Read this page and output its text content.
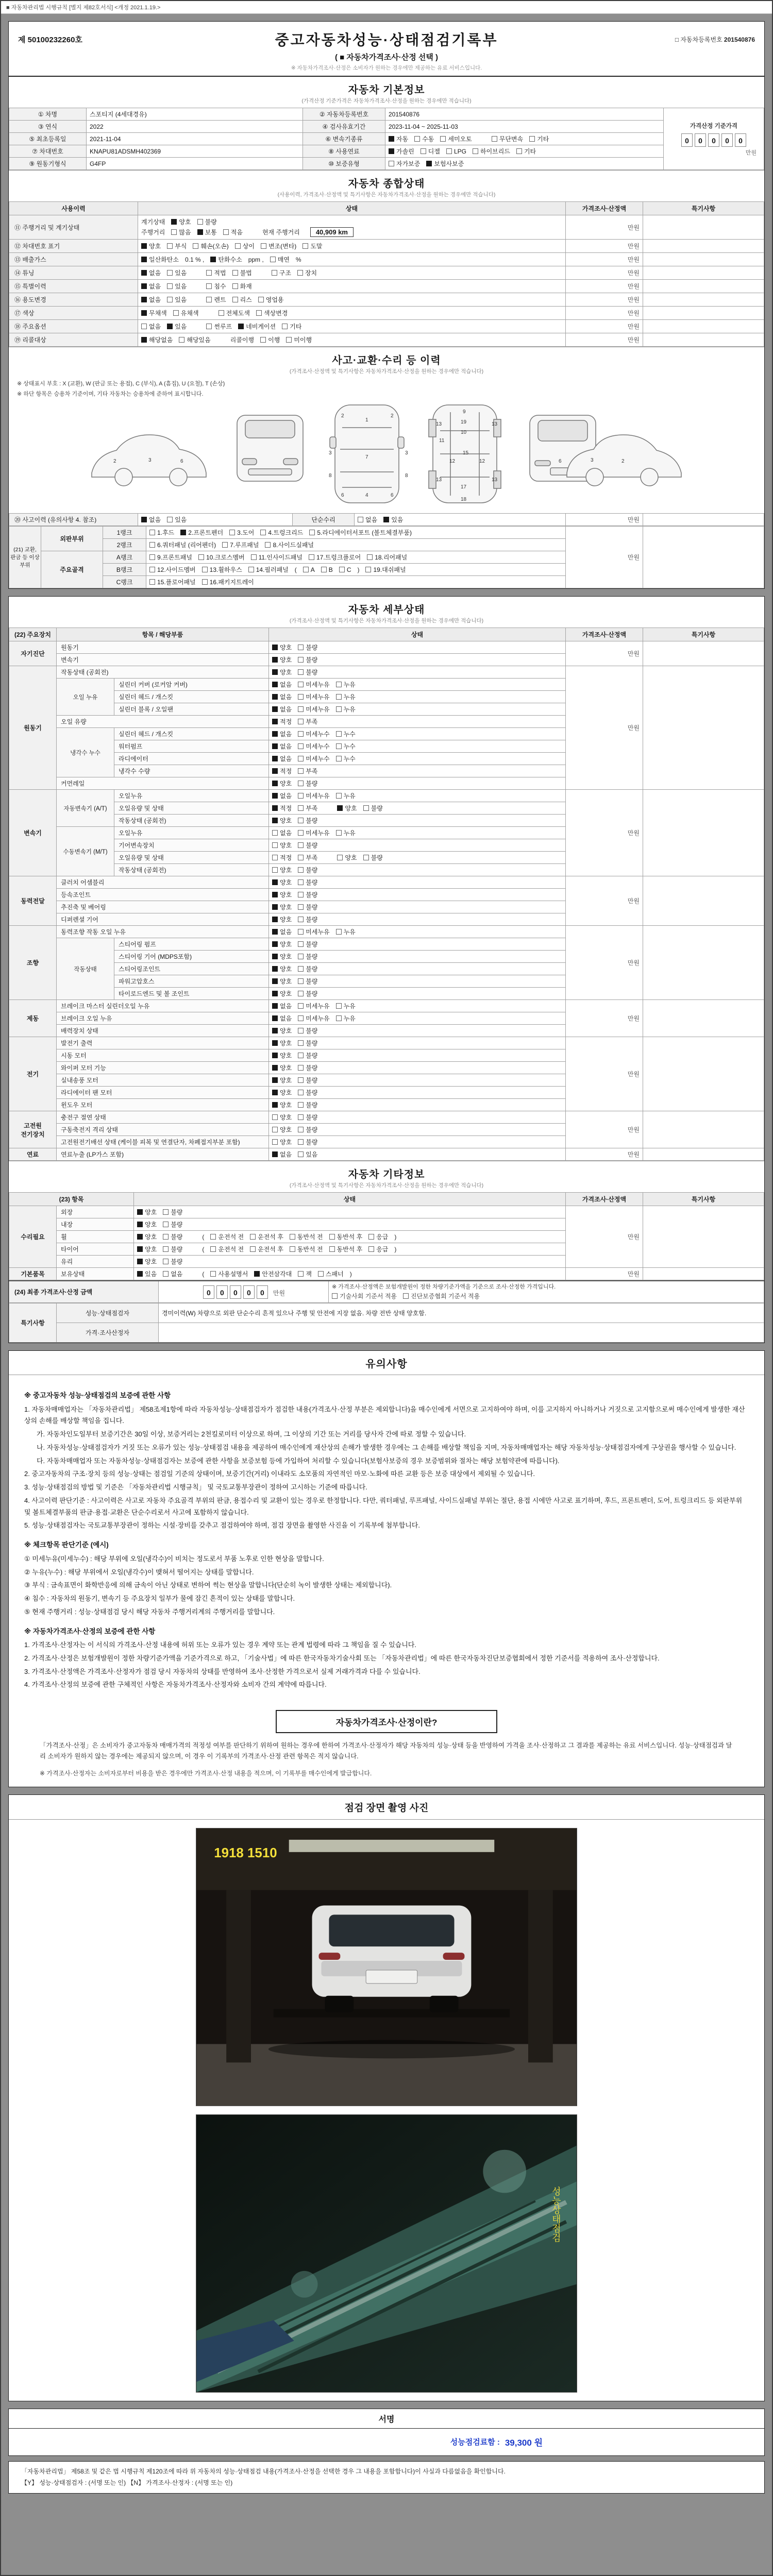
■ 자동차관리법 시행규칙 [별지 제82호서식] <개정 2021.1.19.>
제 50100232260호	중고자동차성능·상태점검기록부
( ■ 자동차가격조사·산정 선택 )
※ 자동차가격조사·산정은 소비자가 원하는 경우에만 제공하는 유료 서비스입니다.
□ 자동차등록번호 201540876
자동차 기본정보
(가격산정 기준가격은 자동차가격조사·산정을 원하는 경우에만 적습니다)
① 차명	스포티지 (4세대경유)	② 자동차등록번호	201540876	가격산정 기준가격
0 0 0 0 0
만원

③ 연식	2022	④ 검사유효기간	2023-11-04 ~ 2025-11-03	
⑤ 최초등록일	2021-11-04	⑥ 변속기종류	자동 수동 세미오토 무단변속 기타	
⑦ 차대번호	KNAPU81ADSMH402369	⑧ 사용연료	가솔린 디젤 LPG 하이브리드 기타	
⑨ 원동기형식	G4FP	⑩ 보증유형	자가보증 보험사보증	
자동차 종합상태
(사용이력, 가격조사·산정액 및 특기사항은 자동차가격조사·산정을 원하는 경우에만 적습니다)
사용이력	상태	가격조사·산정액	특기사항
⑪ 주행거리 및 계기상태	계기상태 양호 불량
주행거리 많음 보통 적음 현재 주행거리 40,909 km	만원	
⑫ 차대번호 표기	양호 부식 훼손(오손) 상이 변조(변타) 도말	만원	
⑬ 배출가스	일산화탄소 0.1 % , 탄화수소 ppm , 매연 %	만원	
⑭ 튜닝	없음 있음 적법 불법 구조 장치	만원	
⑮ 특별이력	없음 있음 침수 화재	만원	
⑯ 용도변경	없음 있음 렌트 리스 영업용	만원	
⑰ 색상	무채색 유채색 전체도색 색상변경	만원	
⑱ 주요옵션	없음 있음 썬루프 네비게이션 기타	만원	
⑲ 리콜대상	해당없음 해당있음 리콜이행 이행 미이행	만원	
사고·교환·수리 등 이력
(가격조사·산정액 및 특기사항은 자동차가격조사·산정을 원하는 경우에만 적습니다)
※ 상태표시 부호 : X (교환), W (판금 또는 용접), C (부식), A (흠집), U (요철), T (손상)
※ 하단 항목은 승용차 기준이며, 기타 자동차는 승용차에 준하여 표시합니다.
2	3	6
2	2
1
3	3
7
8	8
6	6
4
9
19
10
11
12	12
13	13
13	13
15
17
18
2
3
6
⑳ 사고이력 (유의사항 4. 참조)	없음 있음	단순수리	없음 있음	만원	
(21) 교환, 판금 등 이상 부위	외판부위	1랭크	1.후드 2.프론트펜더 3.도어 4.트렁크리드 5.라디에이터서포트 (볼트체결부품)	만원	
		2랭크	6.쿼터패널 (리어펜더) 7.루프패널 8.사이드실패널		
	주요골격	A랭크	9.프론트패널 10.크로스멤버 11.인사이드패널 17.트렁크플로어 18.리어패널		
		B랭크	12.사이드멤버 13.휠하우스 14.필러패널 ( A B C ) 19.대쉬패널		
		C랭크	15.플로어패널 16.패키지트레이		
자동차 세부상태
(가격조사·산정액 및 특기사항은 자동차가격조사·산정을 원하는 경우에만 적습니다)
(22) 주요장치	항목 / 해당부품		상태	가격조사·산정액	특기사항
자기진단	원동기		양호 불량	만원	
	변속기		양호 불량		
원동기	작동상태 (공회전)		양호 불량	만원	
	오일 누유	실린더 커버 (로커암 커버)	없음 미세누유 누유		
		실린더 헤드 / 개스킷	없음 미세누유 누유		
		실린더 블록 / 오일팬	없음 미세누유 누유		
	오일 유량		적정 부족		
	냉각수 누수	실린더 헤드 / 개스킷	없음 미세누수 누수		
		워터펌프	없음 미세누수 누수		
		라디에이터	없음 미세누수 누수		
		냉각수 수량	적정 부족		
	커먼레일		양호 불량		
변속기	자동변속기 (A/T)	오일누유	없음 미세누유 누유	만원	
		오일유량 및 상태	적정 부족 양호 불량		
		작동상태 (공회전)	양호 불량		
	수동변속기 (M/T)	오일누유	없음 미세누유 누유		
		기어변속장치	양호 불량		
		오일유량 및 상태	적정 부족 양호 불량		
		작동상태 (공회전)	양호 불량		
동력전달	클러치 어셈블리		양호 불량	만원	
	등속조인트		양호 불량		
	추진축 및 베어링		양호 불량		
	디퍼렌셜 기어		양호 불량		
조향	동력조향 작동 오일 누유		없음 미세누유 누유	만원	
	작동상태	스티어링 펌프	양호 불량		
		스티어링 기어 (MDPS포함)	양호 불량		
		스티어링조인트	양호 불량		
		파워고압호스	양호 불량		
		타이로드엔드 및 볼 조인트	양호 불량		
제동	브레이크 마스터 실린더오일 누유		없음 미세누유 누유	만원	
	브레이크 오일 누유		없음 미세누유 누유		
	배력장치 상태		양호 불량		
전기	발전기 출력		양호 불량	만원	
	시동 모터		양호 불량		
	와이퍼 모터 기능		양호 불량		
	실내송풍 모터		양호 불량		
	라디에이터 팬 모터		양호 불량		
	윈도우 모터		양호 불량		
고전원 전기장치	충전구 절연 상태		양호 불량	만원	
	구동축전지 격리 상태		양호 불량		
	고전원전기배선 상태 (케이블 피복 및 연결단자, 차폐접지부분 포함)		양호 불량		
연료	연료누출 (LP가스 포함)		없음 있음	만원	
자동차 기타정보
(가격조사·산정액 및 특기사항은 자동차가격조사·산정을 원하는 경우에만 적습니다)
(23) 항목		상태	가격조사·산정액	특기사항
수리필요	외장	양호 불량	만원	
	내장	양호 불량		
	휠	양호 불량 ( 운전석 전 운전석 후 동반석 전 동반석 후 응급 )		
	타이어	양호 불량 ( 운전석 전 운전석 후 동반석 전 동반석 후 응급 )		
	유리	양호 불량		
기본품목	보유상태	있음 없음 ( 사용설명서 안전삼각대 잭 스패너 )	만원	
(24) 최종 가격조사·산정 금액	0 0 0 0 0 만원	
※ 가격조사·산정액은 보험개발원이 정한 차량기준가액을 기준으로 조사·산정한 가격입니다.
기술사회 기준서 적용 진단보증협회 기준서 적용
특기사항	성능·상태점검자	경미이력(W) 차량으로 외판 단순수리 흔적 있으나 주행 및 안전에 지장 없음. 차량 전반 상태 양호함.
	가격·조사산정자	
유의사항
※ 중고자동차 성능·상태점검의 보증에 관한 사항
1. 자동차매매업자는 「자동차관리법」 제58조제1항에 따라 자동차성능·상태점검자가 점검한 내용(가격조사·산정 부분은 제외합니다)을 매수인에게 서면으로 고지하여야 하며, 이를 고지하지 아니하거나 거짓으로 고지함으로써 매수인에게 발생한 재산상의 손해를 배상할 책임을 집니다.
가. 자동차인도일부터 보증기간은 30일 이상, 보증거리는 2천킬로미터 이상으로 하며, 그 이상의 기간 또는 거리를 당사자 간에 따로 정할 수 있습니다.
나. 자동차성능·상태점검자가 거짓 또는 오류가 있는 성능·상태점검 내용을 제공하여 매수인에게 재산상의 손해가 발생한 경우에는 그 손해를 배상할 책임을 지며, 자동차매매업자는 해당 자동차성능·상태점검자에게 구상권을 행사할 수 있습니다.
다. 자동차매매업자 또는 자동차성능·상태점검자는 보증에 관한 사항을 보증보험 등에 가입하여 처리할 수 있습니다(보험사보증의 경우 보증범위와 절차는 해당 보험약관에 따릅니다).
2. 중고자동차의 구조·장치 등의 성능·상태는 점검일 기준의 상태이며, 보증기간(거리) 이내라도 소모품의 자연적인 마모·노화에 따른 교환 등은 보증 대상에서 제외될 수 있습니다.
3. 성능·상태점검의 방법 및 기준은 「자동차관리법 시행규칙」 및 국토교통부장관이 정하여 고시하는 기준에 따릅니다.
4. 사고이력 판단기준 : 사고이력은 사고로 자동차 주요골격 부위의 판금, 용접수리 및 교환이 있는 경우로 한정합니다. 다만, 쿼터패널, 루프패널, 사이드실패널 부위는 절단, 용접 시에만 사고로 표기하며, 후드, 프론트펜더, 도어, 트렁크리드 등 외판부위 및 볼트체결부품의 판금·용접·교환은 단순수리로서 사고에 포함하지 않습니다.
5. 성능·상태점검자는 국토교통부장관이 정하는 시설·장비를 갖추고 점검하여야 하며, 점검 장면을 촬영한 사진을 이 기록부에 첨부합니다.
※ 체크항목 판단기준 (예시)
① 미세누유(미세누수) : 해당 부위에 오일(냉각수)이 비치는 정도로서 부품 노후로 인한 현상을 말합니다.
② 누유(누수) : 해당 부위에서 오일(냉각수)이 맺혀서 떨어지는 상태를 말합니다.
③ 부식 : 금속표면이 화학반응에 의해 금속이 아닌 상태로 변하여 썩는 현상을 말합니다(단순히 녹이 발생한 상태는 제외합니다).
④ 침수 : 자동차의 원동기, 변속기 등 주요장치 일부가 물에 잠긴 흔적이 있는 상태를 말합니다.
⑤ 현재 주행거리 : 성능·상태점검 당시 해당 자동차 주행거리계의 주행거리를 말합니다.
※ 자동차가격조사·산정의 보증에 관한 사항
1. 가격조사·산정자는 이 서식의 가격조사·산정 내용에 허위 또는 오류가 있는 경우 계약 또는 관계 법령에 따라 그 책임을 질 수 있습니다.
2. 가격조사·산정은 보험개발원이 정한 차량기준가액을 기준가격으로 하고, 「기술사법」에 따른 한국자동차기술사회 또는 「자동차관리법」에 따른 한국자동차진단보증협회에서 정한 기준서를 적용하여 조사·산정합니다.
3. 가격조사·산정액은 가격조사·산정자가 점검 당시 자동차의 상태를 반영하여 조사·산정한 가격으로서 실제 거래가격과 다를 수 있습니다.
4. 가격조사·산정의 보증에 관한 구체적인 사항은 자동차가격조사·산정자와 소비자 간의 계약에 따릅니다.
자동차가격조사·산정이란?
「가격조사·산정」은 소비자가 중고자동차 매매가격의 적정성 여부를 판단하기 위하여 원하는 경우에 한하여 가격조사·산정자가 해당 자동차의 성능·상태 등을 반영하여 가격을 조사·산정하고 그 결과를 제공하는 유료 서비스입니다. 성능·상태점검과 달리 소비자가 원하지 않는 경우에는 제공되지 않으며, 이 경우 이 기록부의 가격조사·산정 관련 항목은 적지 않습니다.
※ 가격조사·산정자는 소비자로부터 비용을 받은 경우에만 가격조사·산정 내용을 적으며, 이 기록부를 매수인에게 발급합니다.
점검 장면 촬영 사진
1918 1510
성능상태점검
서명
성능점검료함 : 39,300 원
「자동차관리법」 제58조 및 같은 법 시행규칙 제120조에 따라 위 자동차의 성능·상태점검 내용(가격조사·산정을 선택한 경우 그 내용을 포함합니다)이 사실과 다름없음을 확인합니다.
【Y】 성능·상태점검자 : (서명 또는 인) 【N】 가격조사·산정자 : (서명 또는 인)
